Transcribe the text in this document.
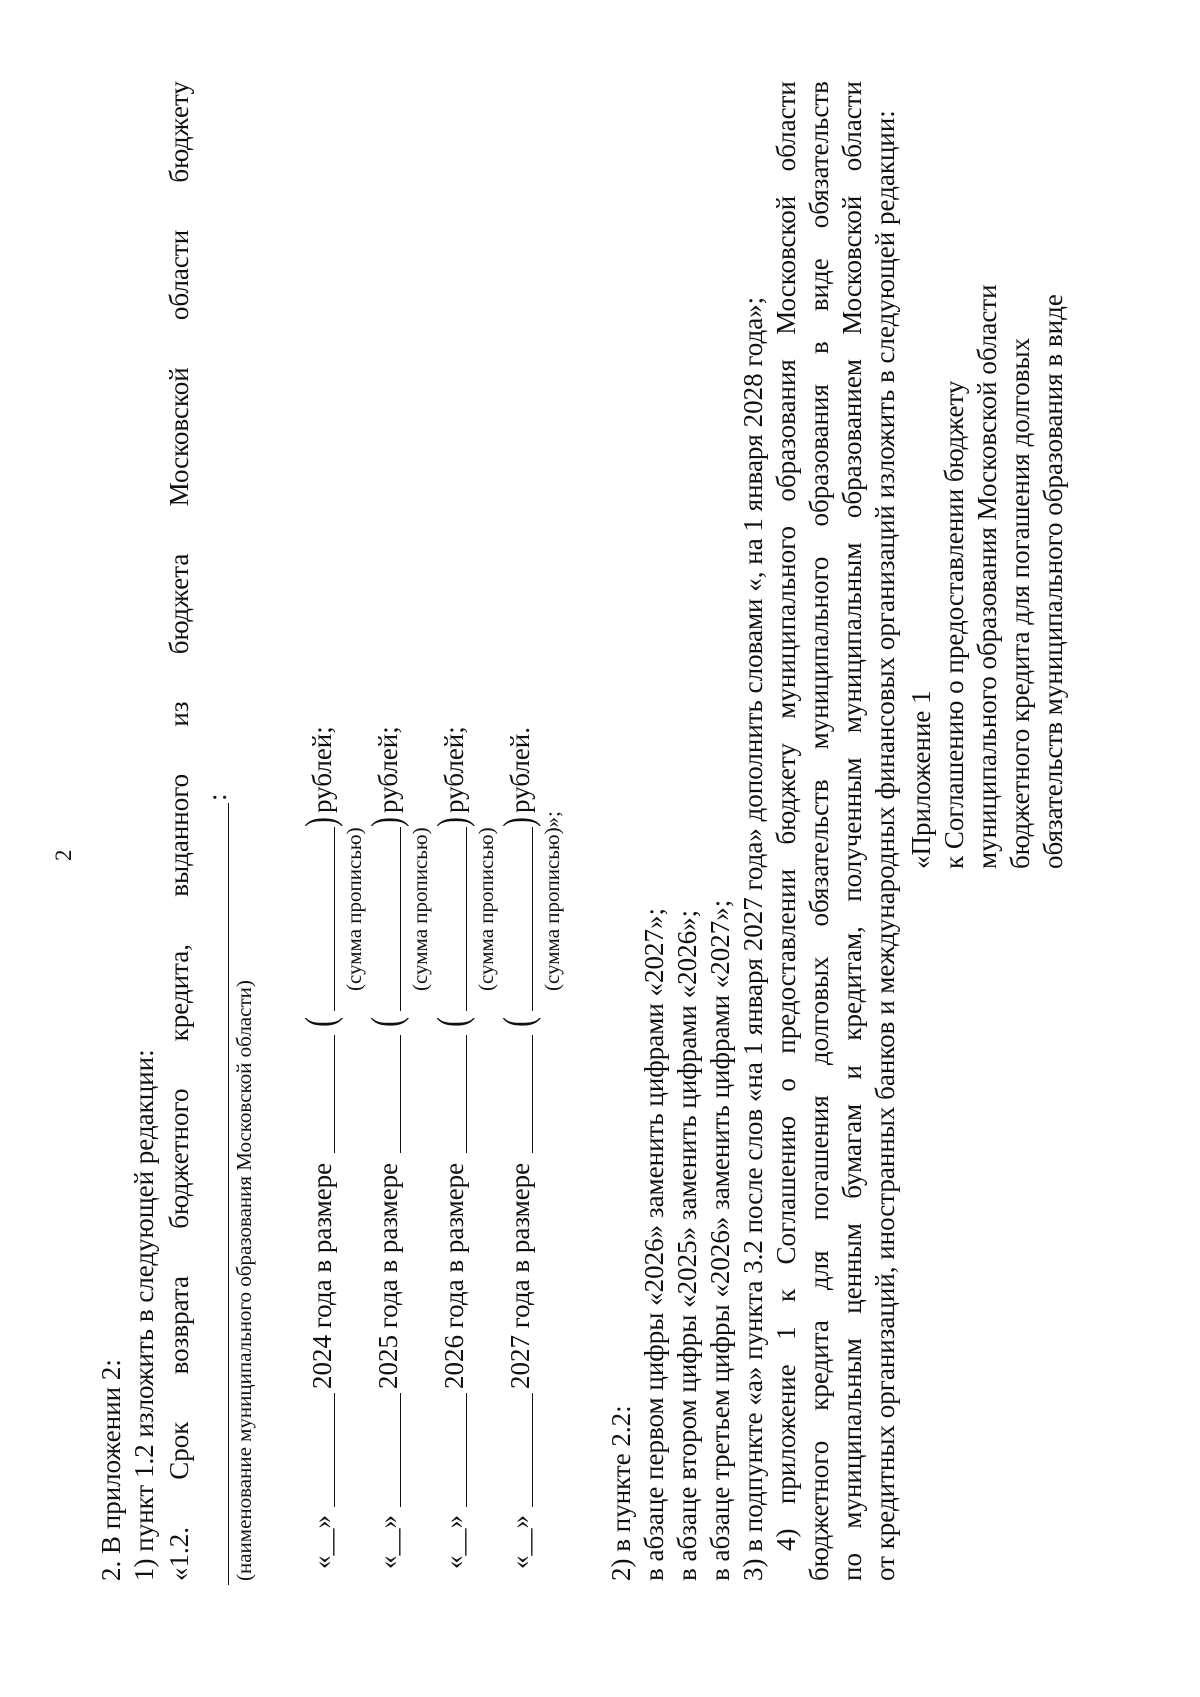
2
2. В приложении 2: 1) пункт 1.2 изложить в следующей редакции: «1.2.
Срок
возврата
бюджетного
кредита,
выданного
из
бюджета
Московской
области
бюджету
:
(наименование муниципального образования Московской области) «__»
2024 года в размере
(
)
рублей;
(сумма прописью)
«__»
2025 года в размере
(
)
рублей;
(сумма прописью)
«__»
2026 года в размере
(
)
рублей;
(сумма прописью)
«__»
2027 года в размере
(
)
рублей.
(сумма прописью)»;
2) в пункте 2.2: в абзаце первом цифры «2026» заменить цифрами «2027»; в абзаце втором цифры «2025» заменить цифрами «2026»; в абзаце третьем цифры «2026» заменить цифрами «2027»; 3) в подпункте «а» пункта 3.2 после слов «на 1 января 2027 года» дополнить словами «, на 1 января 2028 года»; 4)
приложение
1
к
Соглашению
о
предоставлении
бюджету
муниципального
образования
Московской
области
бюджетного
кредита
для
погашения
долговых
обязательств
муниципального
образования
в
виде
обязательств
по
муниципальным
ценным
бумагам
и
кредитам,
полученным
муниципальным
образованием
Московской
области от кредитных организаций, иностранных банков и международных финансовых организаций изложить в следующей редакции: «Приложение 1 к Соглашению о предоставлении бюджету муниципального образования Московской области бюджетного кредита для погашения долговых обязательств муниципального образования в виде
